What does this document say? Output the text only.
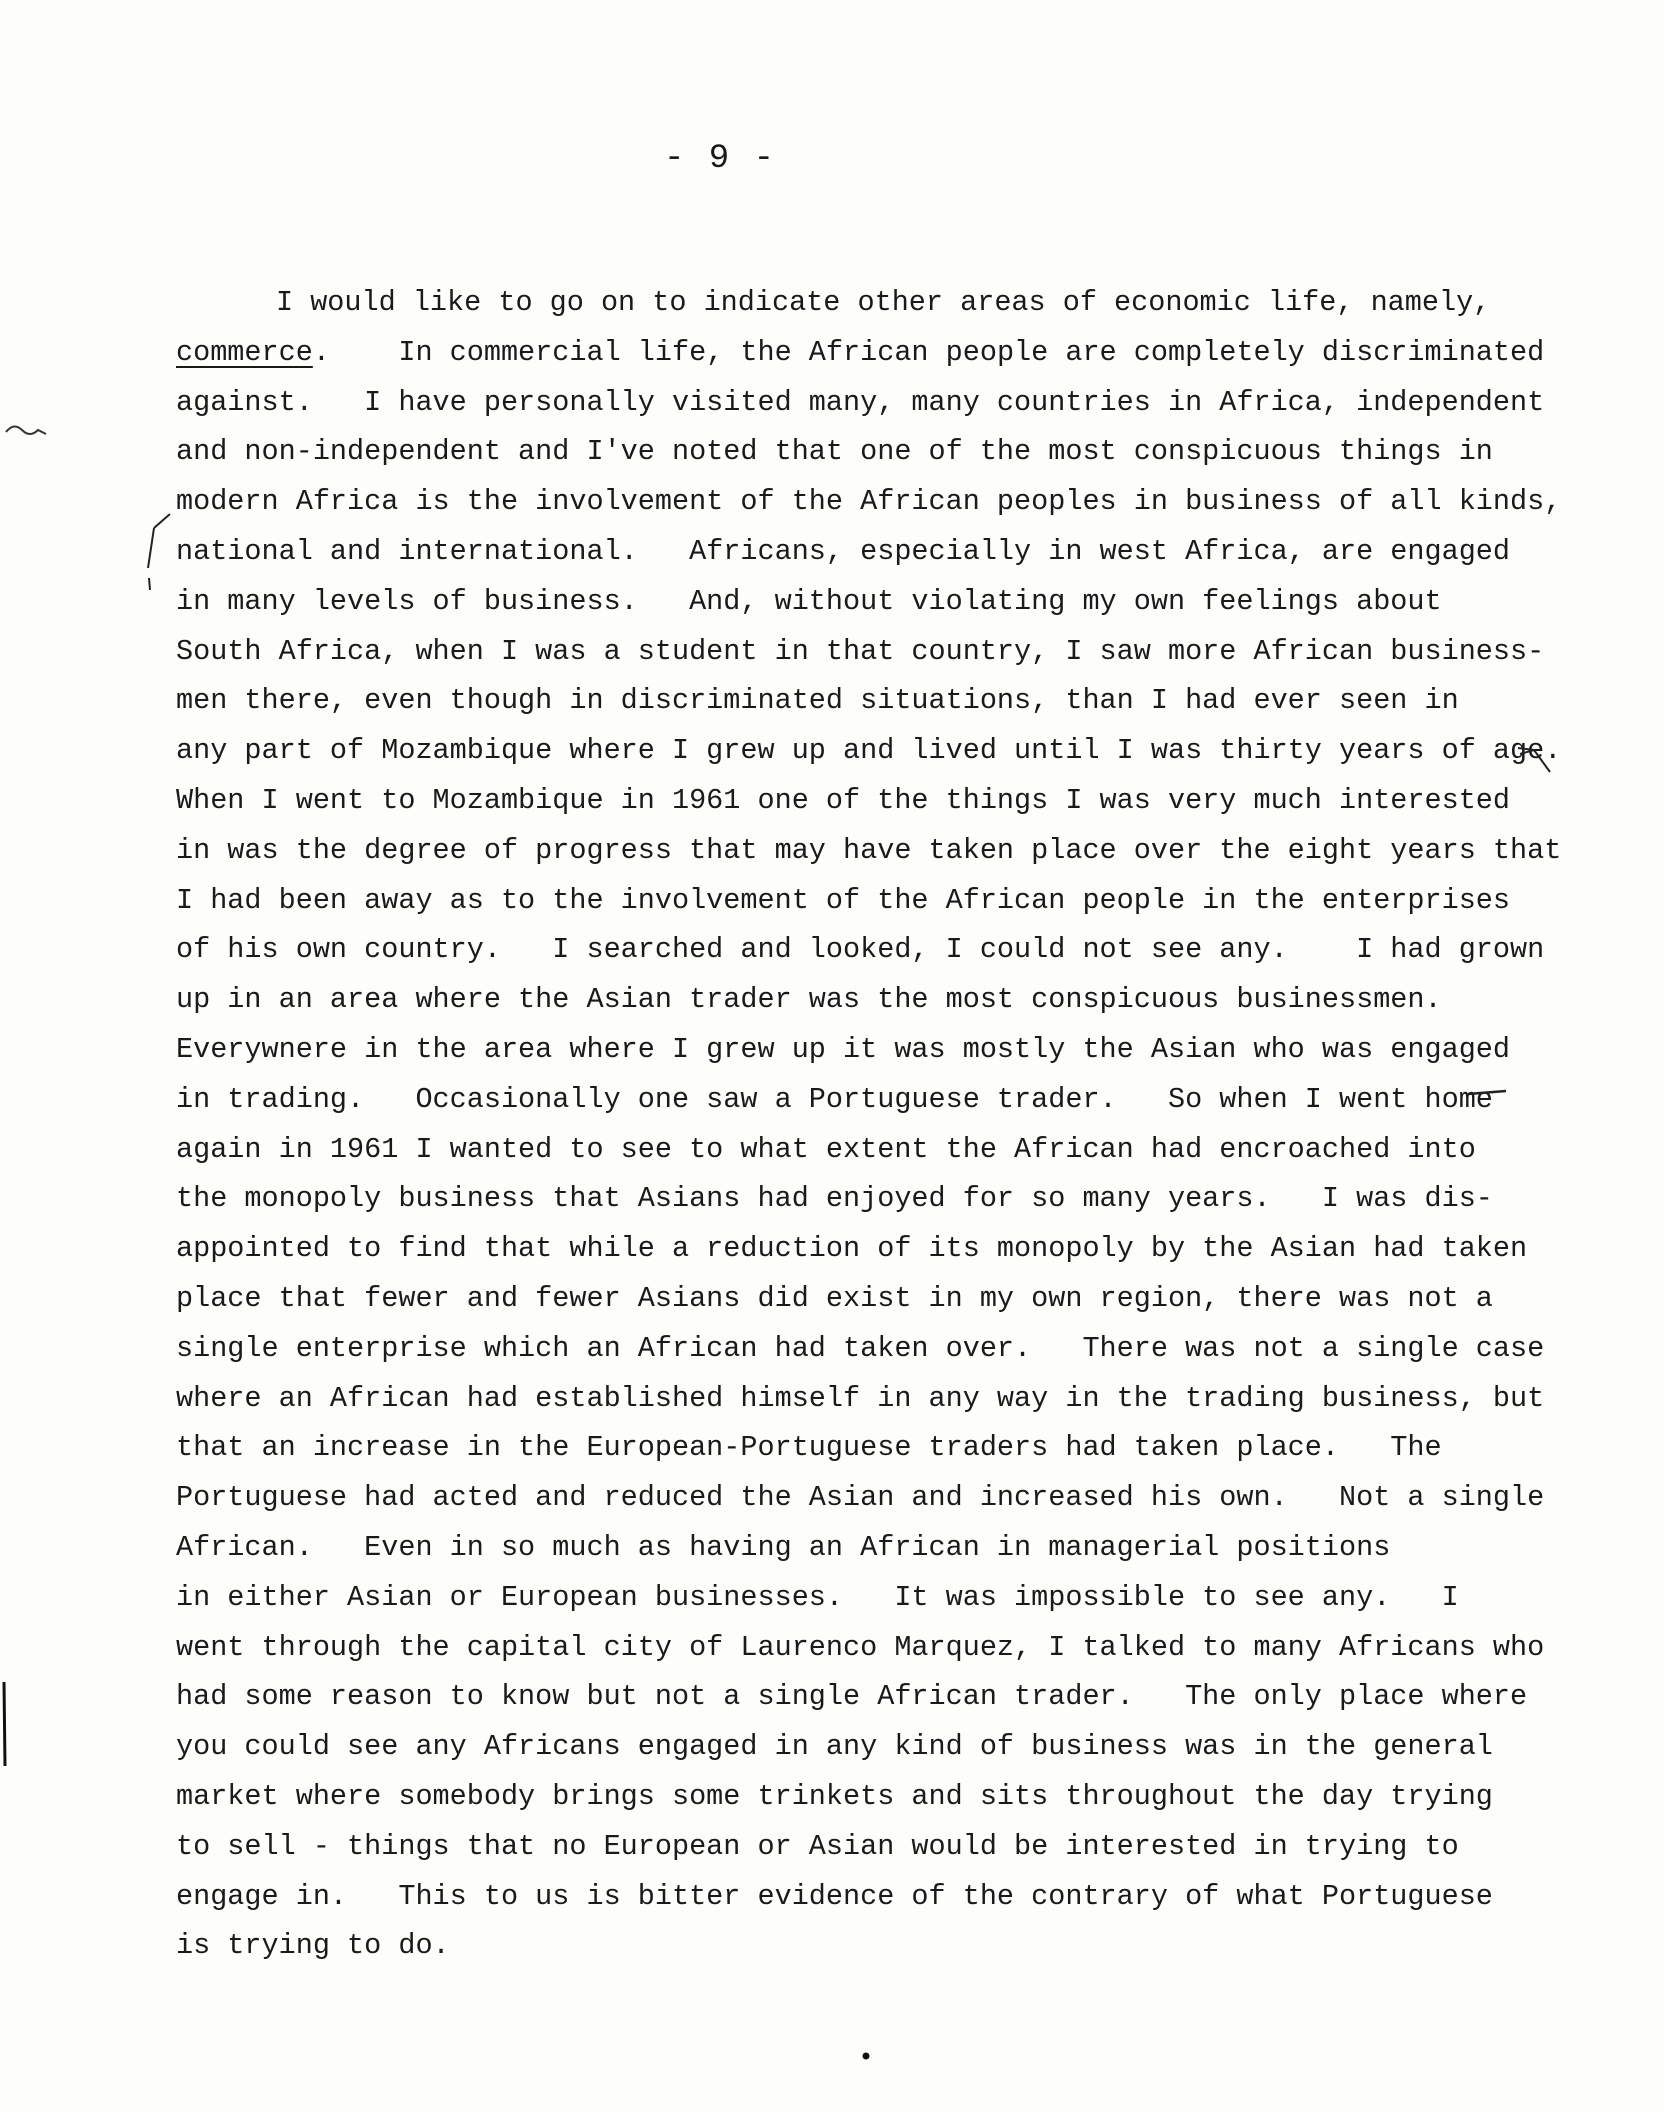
- 9 -
I would like to go on to indicate other areas of economic life, namely,
commerce.    In commercial life, the African people are completely discriminated
against.   I have personally visited many, many countries in Africa, independent
and non-independent and I've noted that one of the most conspicuous things in
modern Africa is the involvement of the African peoples in business of all kinds,
national and international.   Africans, especially in west Africa, are engaged
in many levels of business.   And, without violating my own feelings about
South Africa, when I was a student in that country, I saw more African business-
men there, even though in discriminated situations, than I had ever seen in
any part of Mozambique where I grew up and lived until I was thirty years of age.
When I went to Mozambique in 1961 one of the things I was very much interested
in was the degree of progress that may have taken place over the eight years that
I had been away as to the involvement of the African people in the enterprises
of his own country.   I searched and looked, I could not see any.    I had grown
up in an area where the Asian trader was the most conspicuous businessmen.
Everywnere in the area where I grew up it was mostly the Asian who was engaged
in trading.   Occasionally one saw a Portuguese trader.   So when I went home
again in 1961 I wanted to see to what extent the African had encroached into
the monopoly business that Asians had enjoyed for so many years.   I was dis-
appointed to find that while a reduction of its monopoly by the Asian had taken
place that fewer and fewer Asians did exist in my own region, there was not a
single enterprise which an African had taken over.   There was not a single case
where an African had established himself in any way in the trading business, but
that an increase in the European-Portuguese traders had taken place.   The
Portuguese had acted and reduced the Asian and increased his own.   Not a single
African.   Even in so much as having an African in managerial positions
in either Asian or European businesses.   It was impossible to see any.   I
went through the capital city of Laurenco Marquez, I talked to many Africans who
had some reason to know but not a single African trader.   The only place where
you could see any Africans engaged in any kind of business was in the general
market where somebody brings some trinkets and sits throughout the day trying
to sell - things that no European or Asian would be interested in trying to
engage in.   This to us is bitter evidence of the contrary of what Portuguese
is trying to do.
